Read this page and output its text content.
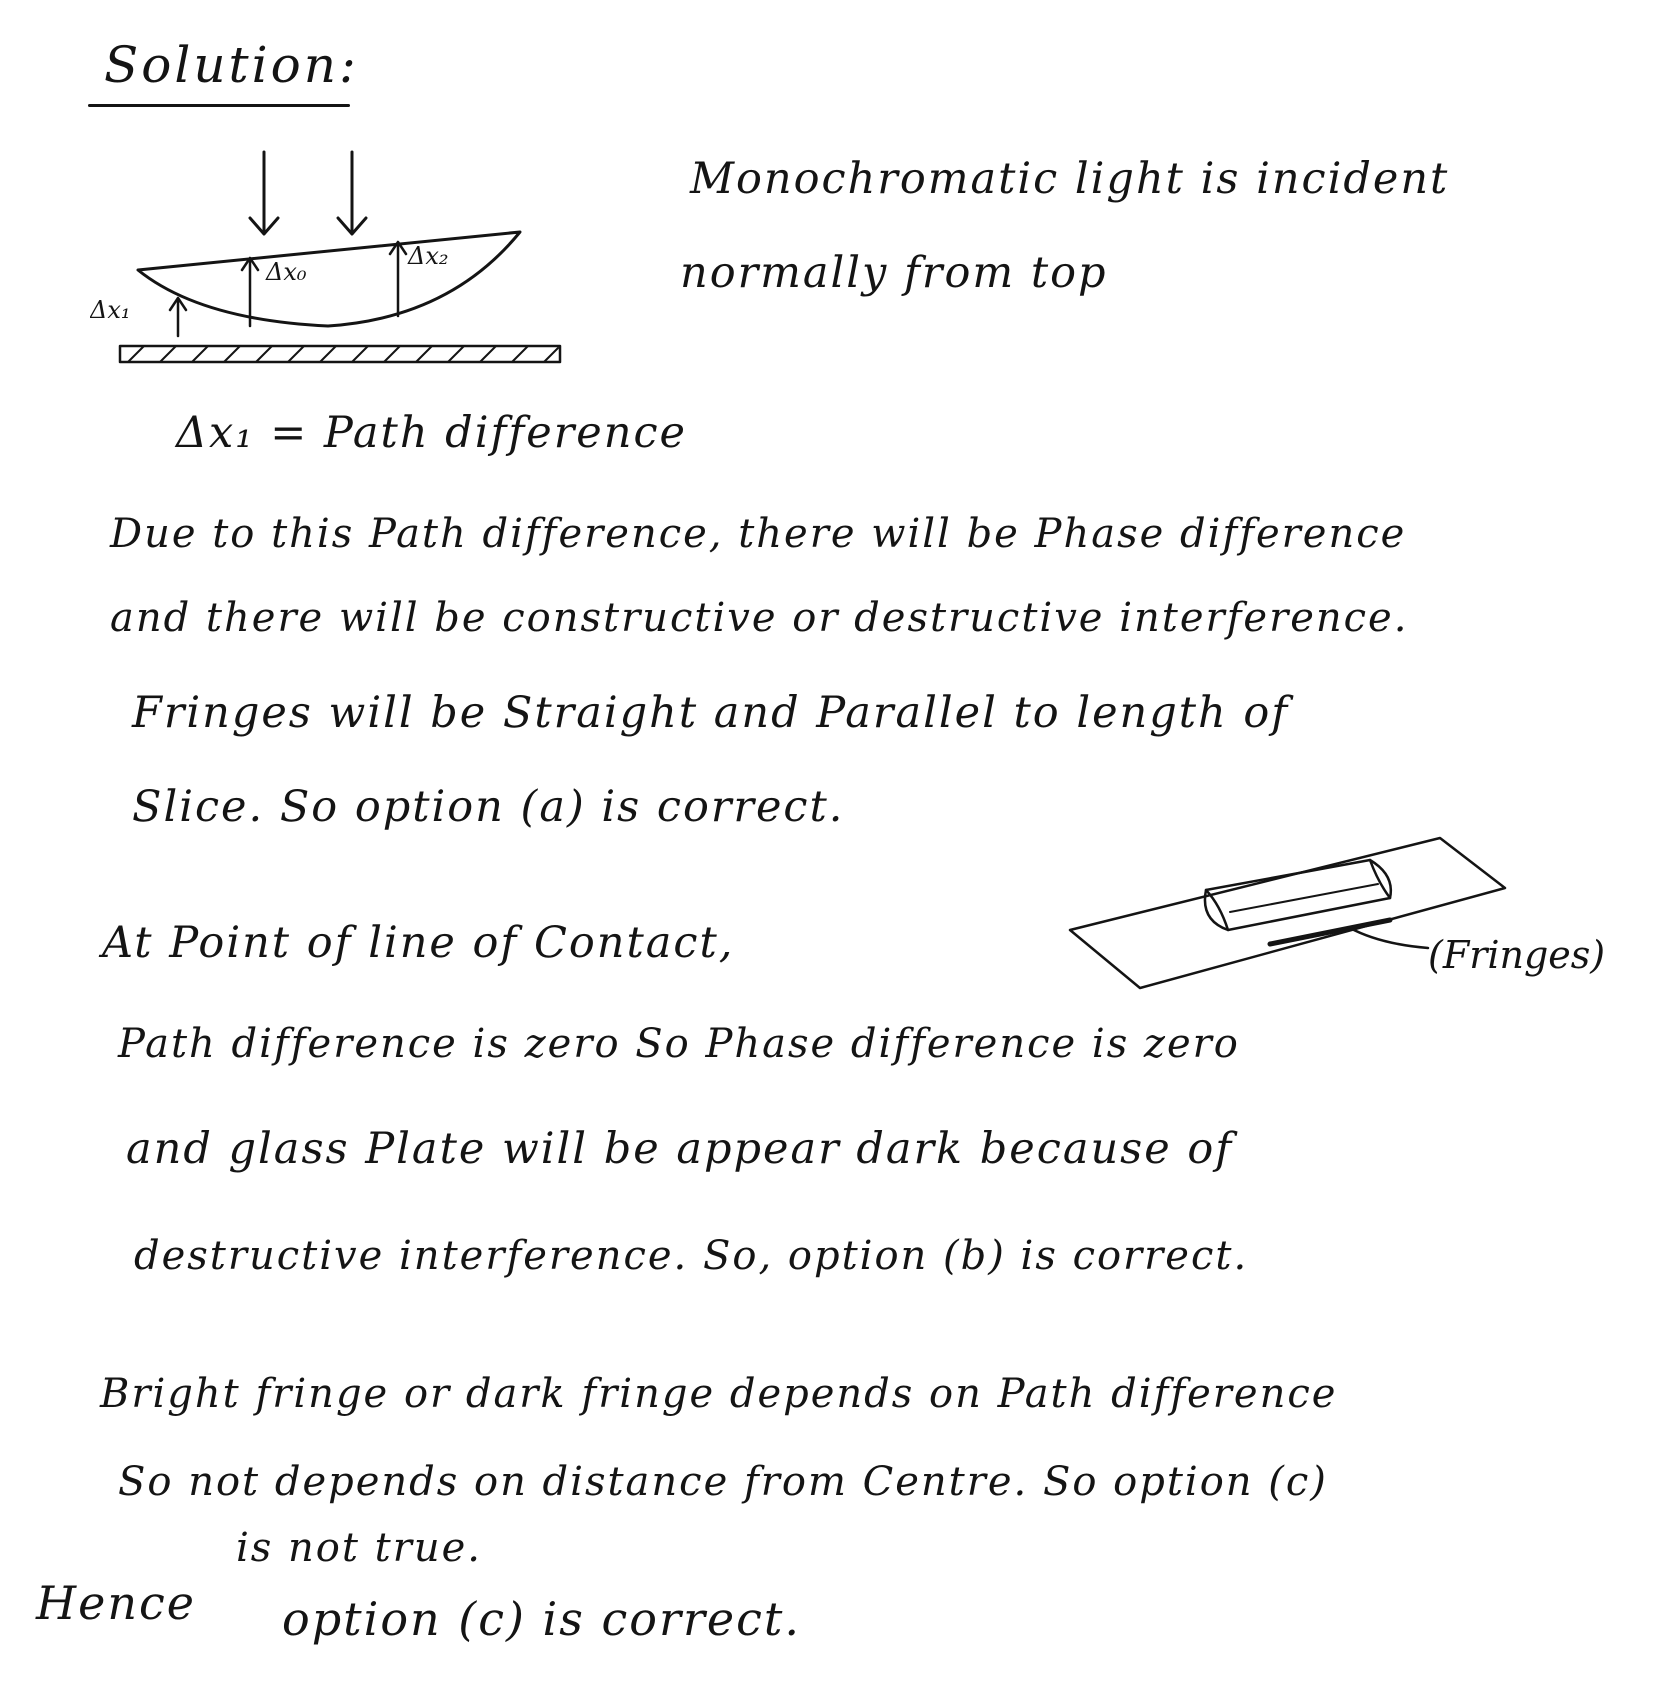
Solution:
Δx₀
Δx₂
Δx₁
Monochromatic light is incident
normally from top
Δx₁ = Path difference
Due to this Path difference, there will be Phase difference
and there will be constructive or destructive interference.
Fringes will be Straight and Parallel to length of
Slice. So option (a) is correct.
(Fringes)
At Point of line of Contact,
Path difference is zero So Phase difference is zero
and glass Plate will be appear dark because of
destructive interference. So, option (b) is correct.
Bright fringe or dark fringe depends on Path difference
So not depends on distance from Centre. So option (c)
is not true.
Hence option (c) is correct.
